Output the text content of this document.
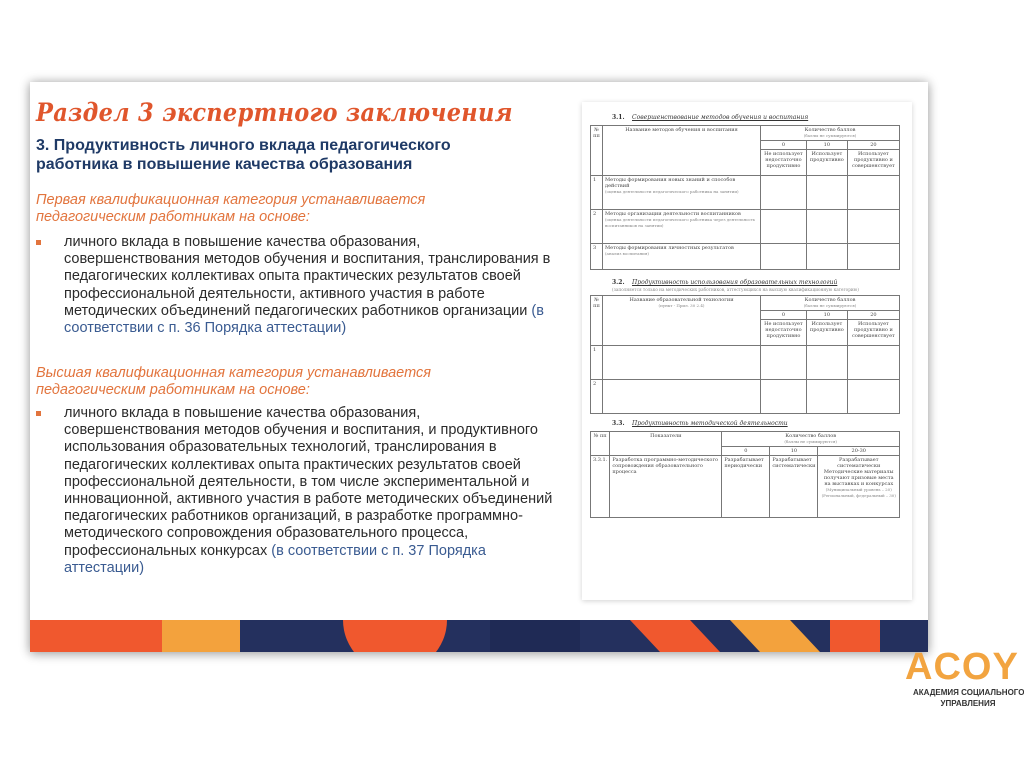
Раздел 3 экспертного заключения
3. Продуктивность личного вклада педагогического работника в повышение качества образования
Первая квалификационная категория устанавливается педагогическим работникам на основе:
личного вклада в повышение качества образования, совершенствования методов обучения и воспитания, транслирования в педагогических коллективах опыта практических результатов своей профессиональной деятельности, активного участия в работе методических объединений педагогических работников организации (в соответствии с п. 36 Порядка аттестации)
Высшая квалификационная категория устанавливается педагогическим работникам на основе:
личного вклада в повышение качества образования, совершенствования методов обучения и воспитания, и продуктивного использования образовательных технологий, транслирования в педагогических коллективах опыта практических результатов своей профессиональной деятельности, в том числе экспериментальной и инновационной, активного участия в работе методических объединений педагогических работников организаций, в разработке программно-методического сопровождения образовательного процесса, профессиональных конкурсах (в соответствии с п. 37 Порядка аттестации)
3.1. Совершенствование методов обучения и воспитания
№ пп	Название методов обучения и воспитания	Количество баллов
(баллы не суммируются)		

		0	10	20
		Не использует недостаточно продуктивно	Использует продуктивно	Использует продуктивно и совершенствует
1	Методы формирования новых знаний и способов действий
(оценка деятельности педагогического работника на занятии)			

2	Методы организации деятельности воспитанников
(оценка деятельности педагогического работника через деятельность воспитанников на занятии)			

3	Методы формирования личностных результатов
(анализ воспитания)			

3.2. Продуктивность использования образовательных технологий
(заполняется только на методических работников, аттестующихся на высшую квалификационную категорию)
№ пп	Название образовательной технологии
(пункт - Прил. 30 2.4)	Количество баллов
(баллы не суммируются)		

		0	10	20
		Не использует недостаточно продуктивно	Использует продуктивно	Использует продуктивно и совершенствует
1				
2				
3.3. Продуктивность методической деятельности
№ пп	Показатели	Количество баллов
(баллы не суммируются)		

		0	10	20-30
3.3.1.	Разработка программно-методического сопровождения образовательного процесса	Разрабатывает периодически	Разрабатывает систематически	Разрабатывает систематически Методические материалы получают призовые места на выставках и конкурсах
(Муниципальный уровень – 20)
(Региональный, федеральный – 30)
ACOY
АКАДЕМИЯ СОЦИАЛЬНОГО
УПРАВЛЕНИЯ
